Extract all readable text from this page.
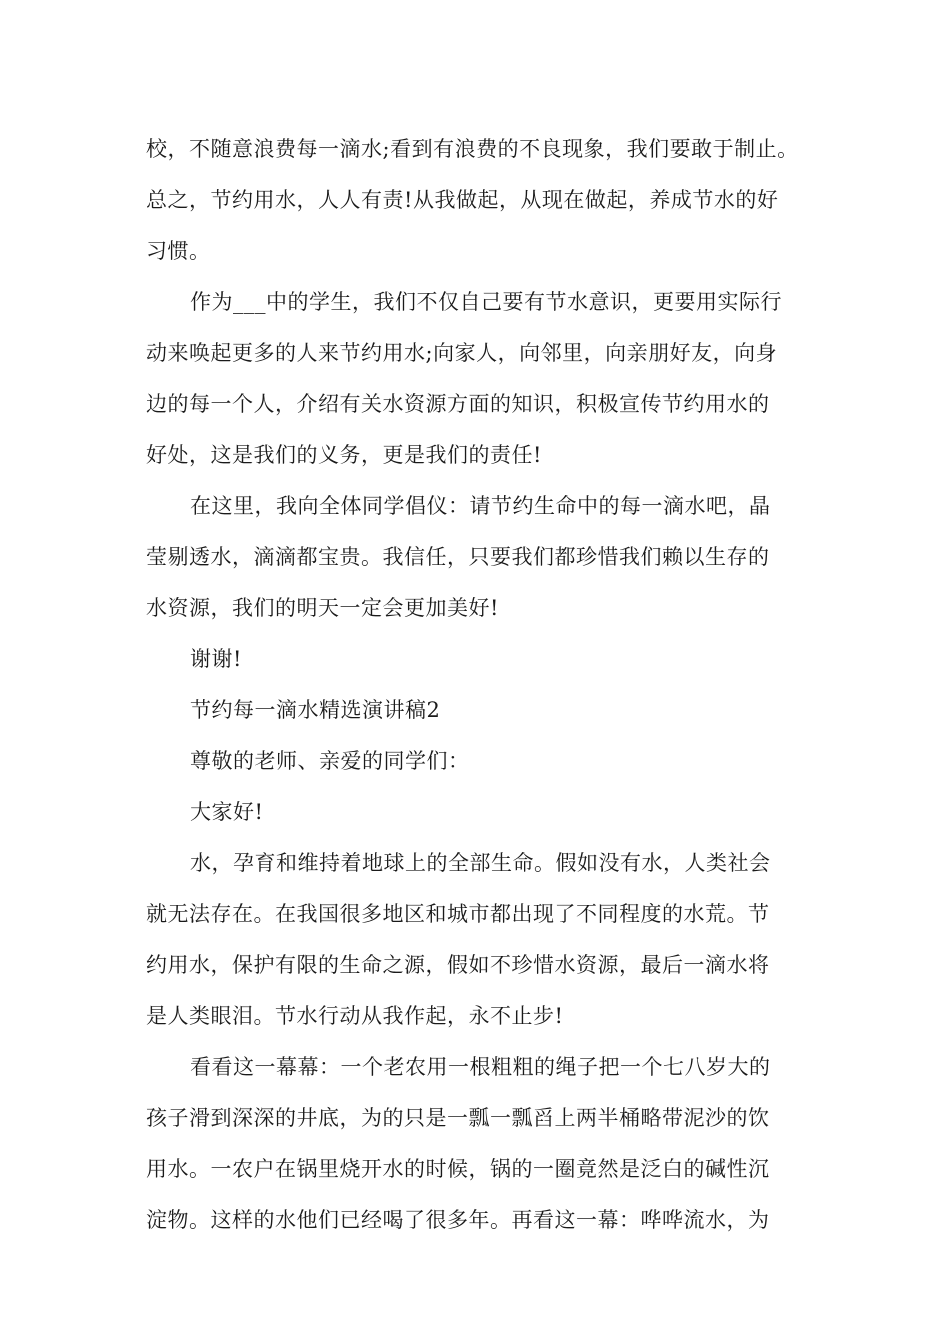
校，不随意浪费每一滴水;看到有浪费的不良现象，我们要敢于制止。
总之，节约用水，人人有责!从我做起，从现在做起，养成节水的好
习惯。
作为___中的学生，我们不仅自己要有节水意识，更要用实际行
动来唤起更多的人来节约用水;向家人，向邻里，向亲朋好友，向身
边的每一个人，介绍有关水资源方面的知识，积极宣传节约用水的
好处，这是我们的义务，更是我们的责任!
在这里，我向全体同学倡仪：请节约生命中的每一滴水吧，晶
莹剔透水，滴滴都宝贵。我信任，只要我们都珍惜我们赖以生存的
水资源，我们的明天一定会更加美好!
谢谢!
节约每一滴水精选演讲稿2
尊敬的老师、亲爱的同学们：
大家好!
水，孕育和维持着地球上的全部生命。假如没有水，人类社会
就无法存在。在我国很多地区和城市都出现了不同程度的水荒。节
约用水，保护有限的生命之源，假如不珍惜水资源，最后一滴水将
是人类眼泪。节水行动从我作起，永不止步!
看看这一幕幕：一个老农用一根粗粗的绳子把一个七八岁大的
孩子滑到深深的井底，为的只是一瓢一瓢舀上两半桶略带泥沙的饮
用水。一农户在锅里烧开水的时候，锅的一圈竟然是泛白的碱性沉
淀物。这样的水他们已经喝了很多年。再看这一幕：哗哗流水，为
